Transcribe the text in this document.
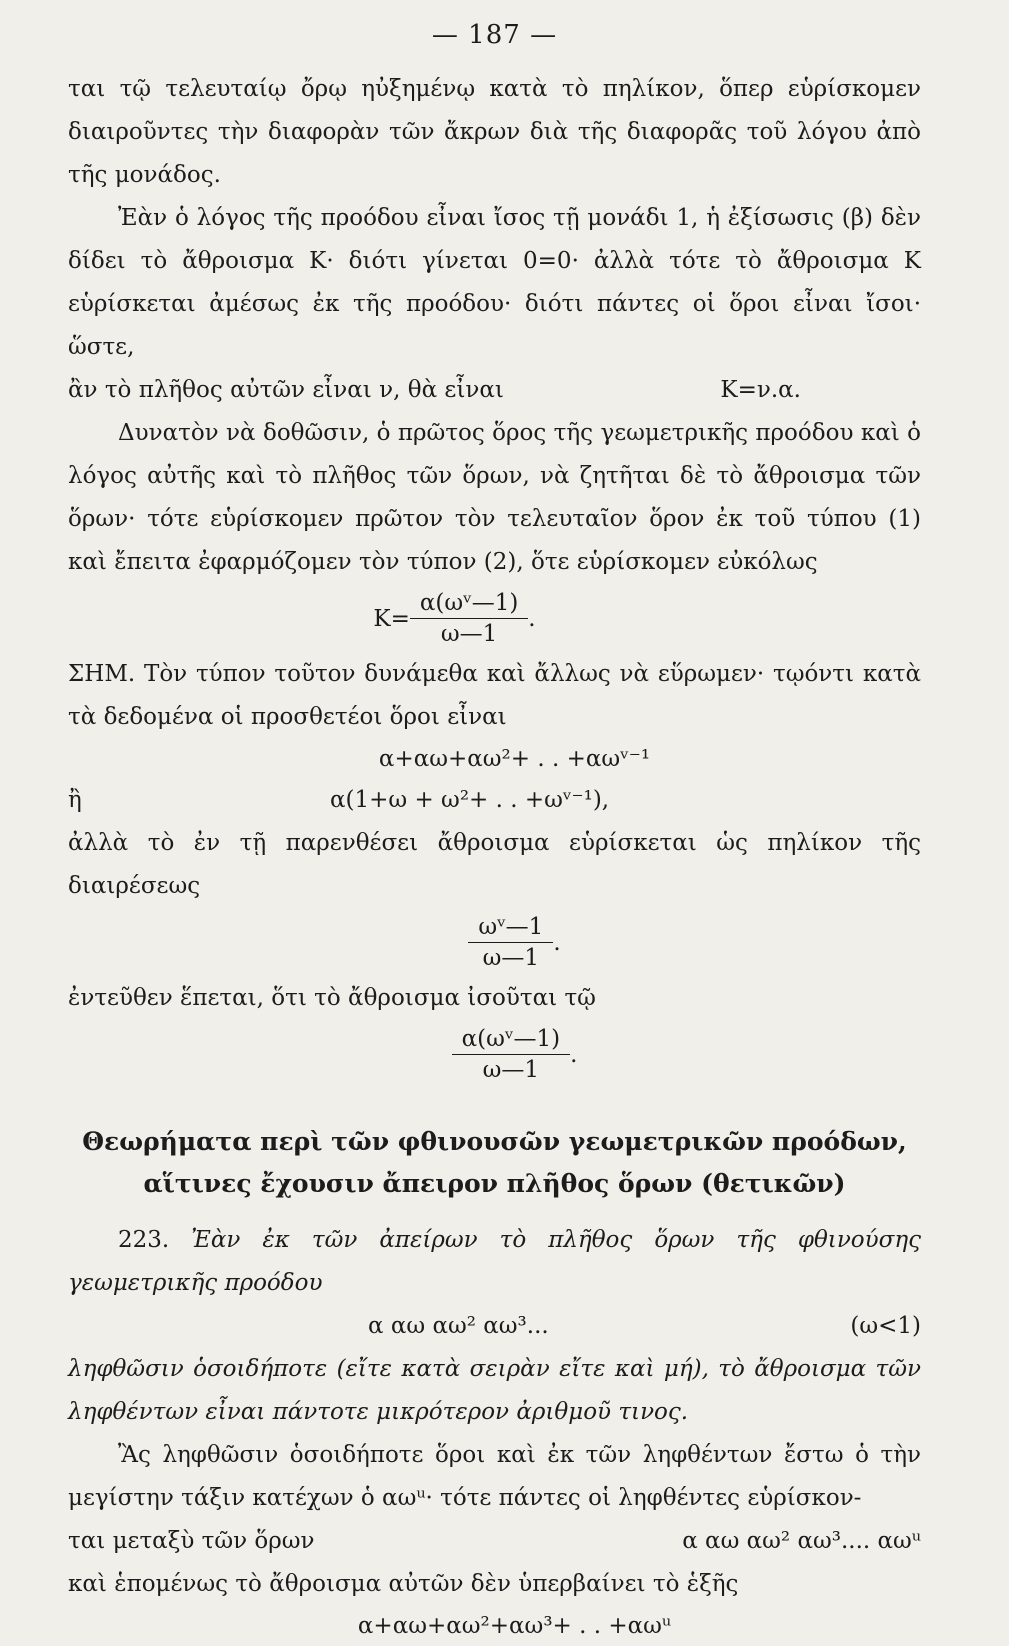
— 187 —

ται τῷ τελευταίῳ ὄρῳ ηὐξημένῳ κατὰ τὸ πηλίκον, ὅπερ εὑρίσκομεν διαιροῦντες τὴν διαφορὰν τῶν ἄκρων διὰ τῆς διαφορᾶς τοῦ λόγου ἀπὸ τῆς μονάδος.

Ἐὰν ὁ λόγος τῆς προόδου εἶναι ἴσος τῇ μονάδι 1, ἡ ἐξίσωσις (β) δὲν δίδει τὸ ἄθροισμα Κ· διότι γίνεται 0=0· ἀλλὰ τότε τὸ ἄθροισμα Κ εὑρίσκεται ἀμέσως ἐκ τῆς προόδου· διότι πάντες οἱ ὅροι εἶναι ἴσοι· ὥστε,

ἂν τὸ πλῆθος αὐτῶν εἶναι ν, θὰ εἶναι	Κ=ν.α.

Δυνατὸν νὰ δοθῶσιν, ὁ πρῶτος ὅρος τῆς γεωμετρικῆς προόδου καὶ ὁ λόγος αὐτῆς καὶ τὸ πλῆθος τῶν ὅρων, νὰ ζητῆται δὲ τὸ ἄθροισμα τῶν ὅρων· τότε εὑρίσκομεν πρῶτον τὸν τελευταῖον ὅρον ἐκ τοῦ τύπου (1) καὶ ἔπειτα ἐφαρμόζομεν τὸν τύπον (2), ὅτε εὑρίσκομεν εὐκόλως

$K= \frac{\text{α(ωᵛ—1)}}{\omega—1}$ .

ΣΗΜ. Τὸν τύπον τοῦτον δυνάμεθα καὶ ἄλλως νὰ εὕρωμεν· τῳόντι κατὰ τὰ δεδομένα οἱ προσθετέοι ὅροι εἶναι

α+αω+αω²+ . . +αωᵛ⁻¹
ἢ	α(1+ω + ω²+ . . +ωᵛ⁻¹),

ἀλλὰ τὸ ἐν τῇ παρενθέσει ἄθροισμα εὑρίσκεται ὡς πηλίκον τῆς διαιρέσεως

$\frac{\text{ωᵛ—1}}{\omega—1}$ .

ἐντεῦθεν ἕπεται, ὅτι τὸ ἄθροισμα ἰσοῦται τῷ

$\frac{\text{α(ωᵛ—1)}}{\omega—1}$ .
Θεωρήματα περὶ τῶν φθινουσῶν γεωμετρικῶν προόδων,
αἵτινες ἔχουσιν ἄπειρον πλῆθος ὅρων (θετικῶν)

223. Ἐὰν ἐκ τῶν ἀπείρων τὸ πλῆθος ὅρων τῆς φθινούσης γεωμετρικῆς προόδου

α αω αω² αω³...	(ω<1)

ληφθῶσιν ὁσοιδήποτε (εἴτε κατὰ σειρὰν εἴτε καὶ μή), τὸ ἄθροισμα τῶν ληφθέντων εἶναι πάντοτε μικρότερον ἀριθμοῦ τινος.

Ἂς ληφθῶσιν ὁσοιδήποτε ὅροι καὶ ἐκ τῶν ληφθέντων ἔστω ὁ τὴν μεγίστην τάξιν κατέχων ὁ αωᵘ· τότε πάντες οἱ ληφθέντες εὑρίσκον-

ται μεταξὺ τῶν ὅρων	α αω αω² αω³.... αωᵘ

καὶ ἑπομένως τὸ ἄθροισμα αὐτῶν δὲν ὑπερβαίνει τὸ ἑξῆς

α+αω+αω²+αω³+ . . +αωᵘ
